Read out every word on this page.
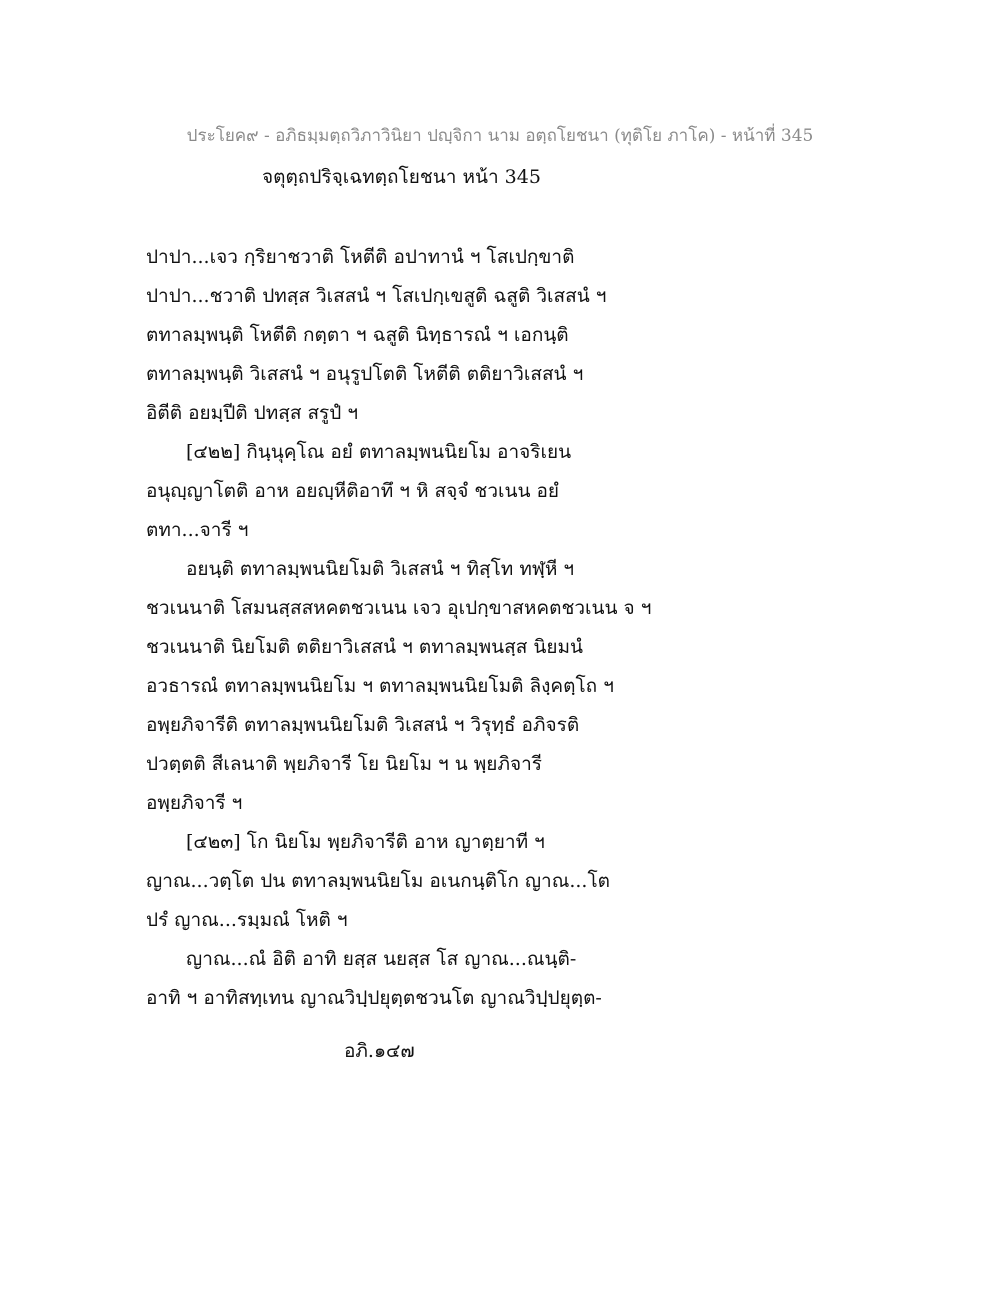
ประโยค๙ - อภิธมฺมตฺถวิภาวินิยา ปญฺจิกา นาม อตฺถโยชนา (ทุติโย ภาโค) - หน้าที่ 345
จตุตฺถปริจฺเฉทตฺถโยชนา หน้า 345
ปาปา...เจว กฺริยาชวาติ โหตีติ อปาทานํ ฯ โสเปกฺขาติ
ปาปา...ชวาติ ปทสฺส วิเสสนํ ฯ โสเปกฺเขสูติ ฉสูติ วิเสสนํ ฯ
ตทาลมฺพนฺติ โหตีติ กตฺตา ฯ ฉสูติ นิทฺธารณํ ฯ เอกนฺติ
ตทาลมฺพนฺติ วิเสสนํ ฯ อนุรูปโตติ โหตีติ ตติยาวิเสสนํ ฯ
อิตีติ อยมฺปีติ ปทสฺส สรูปํ ฯ
[๔๒๒] กินฺนุคฺโณ อยํ ตทาลมฺพนนิยโม อาจริเยน
อนุญฺญาโตติ อาห อยญฺหีติอาทึ ฯ หิ สจฺจํ ชวเนน อยํ
ตทา...จารี ฯ
อยนฺติ ตทาลมฺพนนิยโมติ วิเสสนํ ฯ ทิสฺโท ทฬฺหี ฯ
ชวเนนาติ โสมนสฺสสหคตชวเนน เจว อุเปกฺขาสหคตชวเนน จ ฯ
ชวเนนาติ นิยโมติ ตติยาวิเสสนํ ฯ ตทาลมฺพนสฺส นิยมนํ
อวธารณํ ตทาลมฺพนนิยโม ฯ ตทาลมฺพนนิยโมติ ลิงฺคตฺโถ ฯ
อพฺยภิจารีติ ตทาลมฺพนนิยโมติ วิเสสนํ ฯ วิรุทฺธํ อภิจรติ
ปวตฺตติ สีเลนาติ พฺยภิจารี โย นิยโม ฯ น พฺยภิจารี
อพฺยภิจารี ฯ
[๔๒๓] โก นิยโม พฺยภิจารีติ อาห ญาตฺยาที ฯ
ญาณ...วตฺโต ปน ตทาลมฺพนนิยโม อเนกนฺติโก ญาณ...โต
ปรํ ญาณ...รมฺมณํ โหติ ฯ
ญาณ...ณํ อิติ อาทิ ยสฺส นยสฺส โส ญาณ...ณนฺติ-
อาทิ ฯ อาทิสทฺเทน ญาณวิปฺปยุตฺตชวนโต ญาณวิปฺปยุตฺต-
อภิ.๑๔๗
